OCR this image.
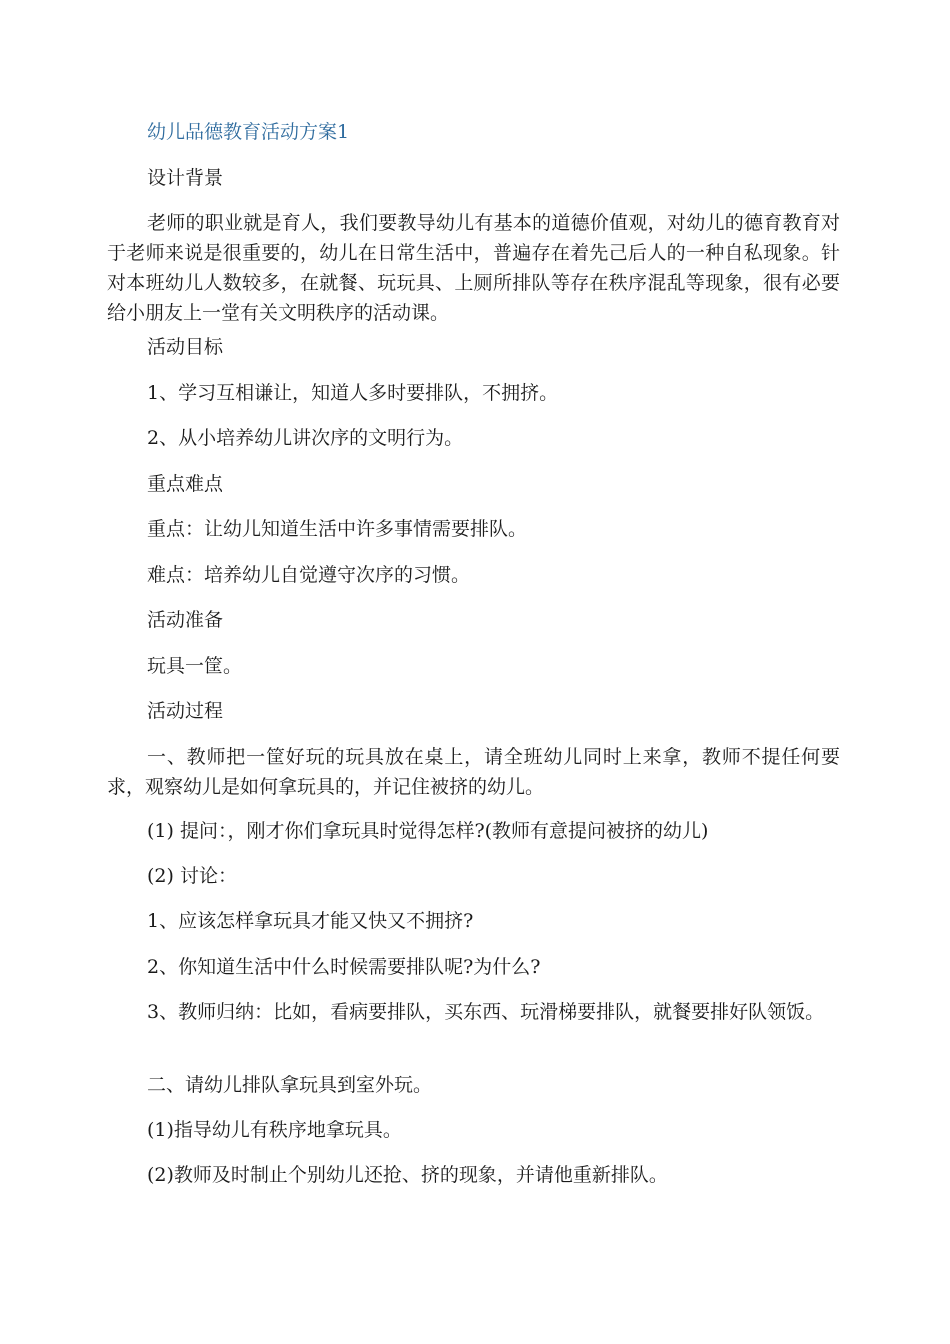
幼儿品德教育活动方案1
设计背景
老师的职业就是育人，我们要教导幼儿有基本的道德价值观，对幼儿的德育教育对于老师来说是很重要的，幼儿在日常生活中，普遍存在着先己后人的一种自私现象。针对本班幼儿人数较多，在就餐、玩玩具、上厕所排队等存在秩序混乱等现象，很有必要给小朋友上一堂有关文明秩序的活动课。
活动目标
1、学习互相谦让，知道人多时要排队，不拥挤。
2、从小培养幼儿讲次序的文明行为。
重点难点
重点：让幼儿知道生活中许多事情需要排队。
难点：培养幼儿自觉遵守次序的习惯。
活动准备
玩具一筐。
活动过程
一、教师把一筐好玩的玩具放在桌上，请全班幼儿同时上来拿，教师不提任何要求，观察幼儿是如何拿玩具的，并记住被挤的幼儿。
(1) 提问：，刚才你们拿玩具时觉得怎样?(教师有意提问被挤的幼儿)
(2) 讨论：
1、应该怎样拿玩具才能又快又不拥挤?
2、你知道生活中什么时候需要排队呢?为什么?
3、教师归纳：比如，看病要排队，买东西、玩滑梯要排队，就餐要排好队领饭。
二、请幼儿排队拿玩具到室外玩。
(1)指导幼儿有秩序地拿玩具。
(2)教师及时制止个别幼儿还抢、挤的现象，并请他重新排队。
